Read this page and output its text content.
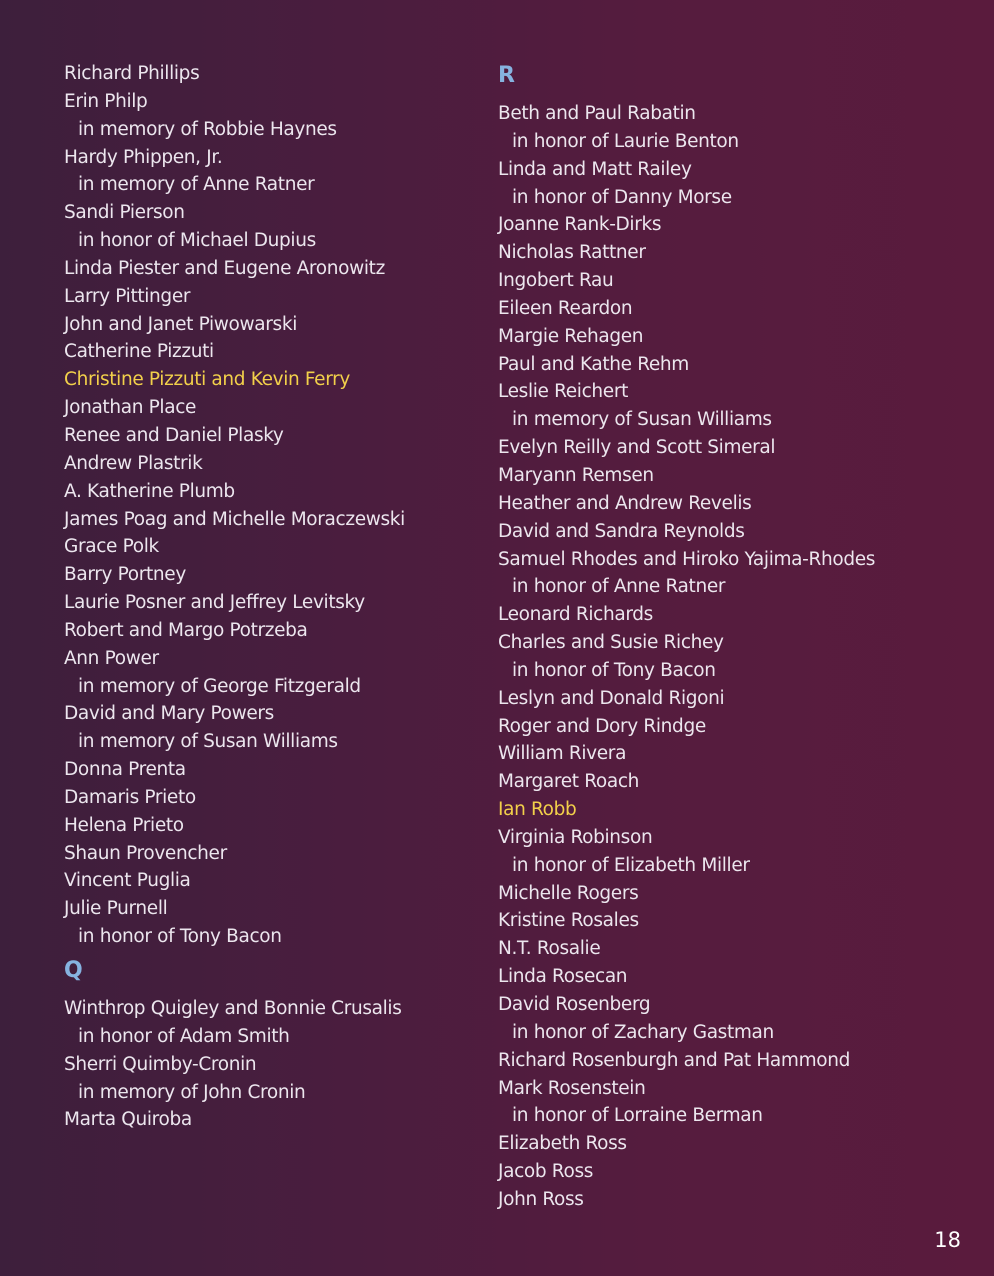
Richard Phillips
Erin Philp
in memory of Robbie Haynes
Hardy Phippen, Jr.
in memory of Anne Ratner
Sandi Pierson
in honor of Michael Dupius
Linda Piester and Eugene Aronowitz
Larry Pittinger
John and Janet Piwowarski
Catherine Pizzuti
Christine Pizzuti and Kevin Ferry
Jonathan Place
Renee and Daniel Plasky
Andrew Plastrik
A. Katherine Plumb
James Poag and Michelle Moraczewski
Grace Polk
Barry Portney
Laurie Posner and Jeffrey Levitsky
Robert and Margo Potrzeba
Ann Power
in memory of George Fitzgerald
David and Mary Powers
in memory of Susan Williams
Donna Prenta
Damaris Prieto
Helena Prieto
Shaun Provencher
Vincent Puglia
Julie Purnell
in honor of Tony Bacon
Q
Winthrop Quigley and Bonnie Crusalis
in honor of Adam Smith
Sherri Quimby-Cronin
in memory of John Cronin
Marta Quiroba
R
Beth and Paul Rabatin
in honor of Laurie Benton
Linda and Matt Railey
in honor of Danny Morse
Joanne Rank-Dirks
Nicholas Rattner
Ingobert Rau
Eileen Reardon
Margie Rehagen
Paul and Kathe Rehm
Leslie Reichert
in memory of Susan Williams
Evelyn Reilly and Scott Simeral
Maryann Remsen
Heather and Andrew Revelis
David and Sandra Reynolds
Samuel Rhodes and Hiroko Yajima-Rhodes
in honor of Anne Ratner
Leonard Richards
Charles and Susie Richey
in honor of Tony Bacon
Leslyn and Donald Rigoni
Roger and Dory Rindge
William Rivera
Margaret Roach
Ian Robb
Virginia Robinson
in honor of Elizabeth Miller
Michelle Rogers
Kristine Rosales
N.T. Rosalie
Linda Rosecan
David Rosenberg
in honor of Zachary Gastman
Richard Rosenburgh and Pat Hammond
Mark Rosenstein
in honor of Lorraine Berman
Elizabeth Ross
Jacob Ross
John Ross
18
